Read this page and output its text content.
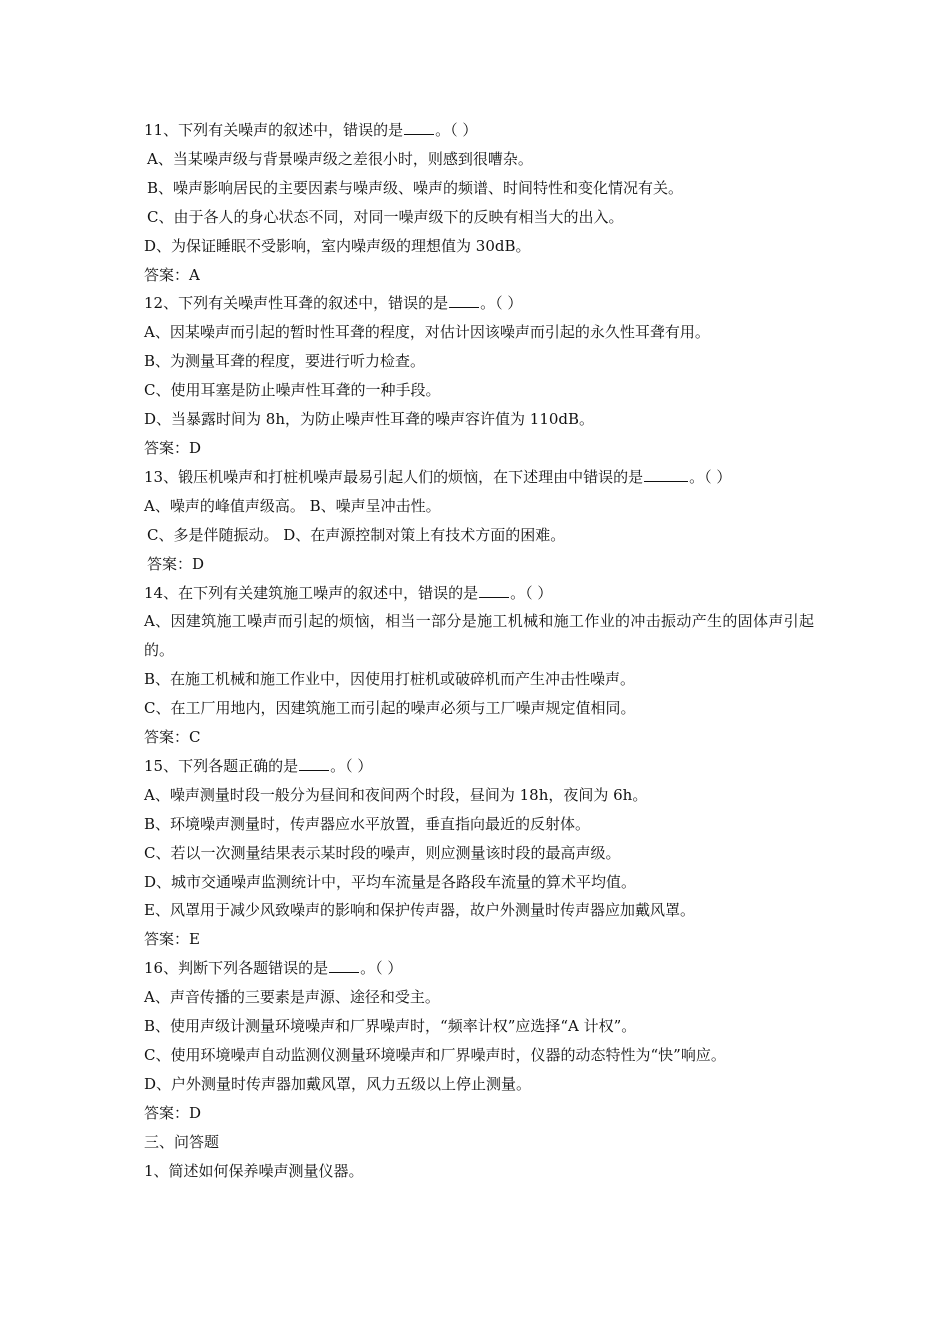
11、下列有关噪声的叙述中，错误的是 。（ ）
A、当某噪声级与背景噪声级之差很小时，则感到很嘈杂。
B、噪声影响居民的主要因素与噪声级、噪声的频谱、时间特性和变化情况有关。
C、由于各人的身心状态不同，对同一噪声级下的反映有相当大的出入。
D、为保证睡眠不受影响，室内噪声级的理想值为 30dB。
答案：A
12、下列有关噪声性耳聋的叙述中，错误的是 。（ ）
A、因某噪声而引起的暂时性耳聋的程度，对估计因该噪声而引起的永久性耳聋有用。
B、为测量耳聋的程度，要进行听力检查。
C、使用耳塞是防止噪声性耳聋的一种手段。
D、当暴露时间为 8h，为防止噪声性耳聋的噪声容许值为 110dB。
答案：D
13、锻压机噪声和打桩机噪声最易引起人们的烦恼，在下述理由中错误的是	。（ ）
A、噪声的峰值声级高。 B、噪声呈冲击性。
C、多是伴随振动。 D、在声源控制对策上有技术方面的困难。
答案：D
14、在下列有关建筑施工噪声的叙述中，错误的是 。（ ）
A、因建筑施工噪声而引起的烦恼，相当一部分是施工机械和施工作业的冲击振动产生的固体声引起的。
B、在施工机械和施工作业中，因使用打桩机或破碎机而产生冲击性噪声。
C、在工厂用地内，因建筑施工而引起的噪声必须与工厂噪声规定值相同。
答案：C
15、下列各题正确的是 。（ ）
A、噪声测量时段一般分为昼间和夜间两个时段，昼间为 18h，夜间为 6h。
B、环境噪声测量时，传声器应水平放置，垂直指向最近的反射体。
C、若以一次测量结果表示某时段的噪声，则应测量该时段的最高声级。
D、城市交通噪声监测统计中，平均车流量是各路段车流量的算术平均值。
E、风罩用于减少风致噪声的影响和保护传声器，故户外测量时传声器应加戴风罩。
答案：E
16、判断下列各题错误的是 。（ ）
A、声音传播的三要素是声源、途径和受主。
B、使用声级计测量环境噪声和厂界噪声时，“频率计权”应选择“A 计权”。
C、使用环境噪声自动监测仪测量环境噪声和厂界噪声时，仪器的动态特性为“快”响应。
D、户外测量时传声器加戴风罩，风力五级以上停止测量。
答案：D
三、问答题
1、简述如何保养噪声测量仪器。
